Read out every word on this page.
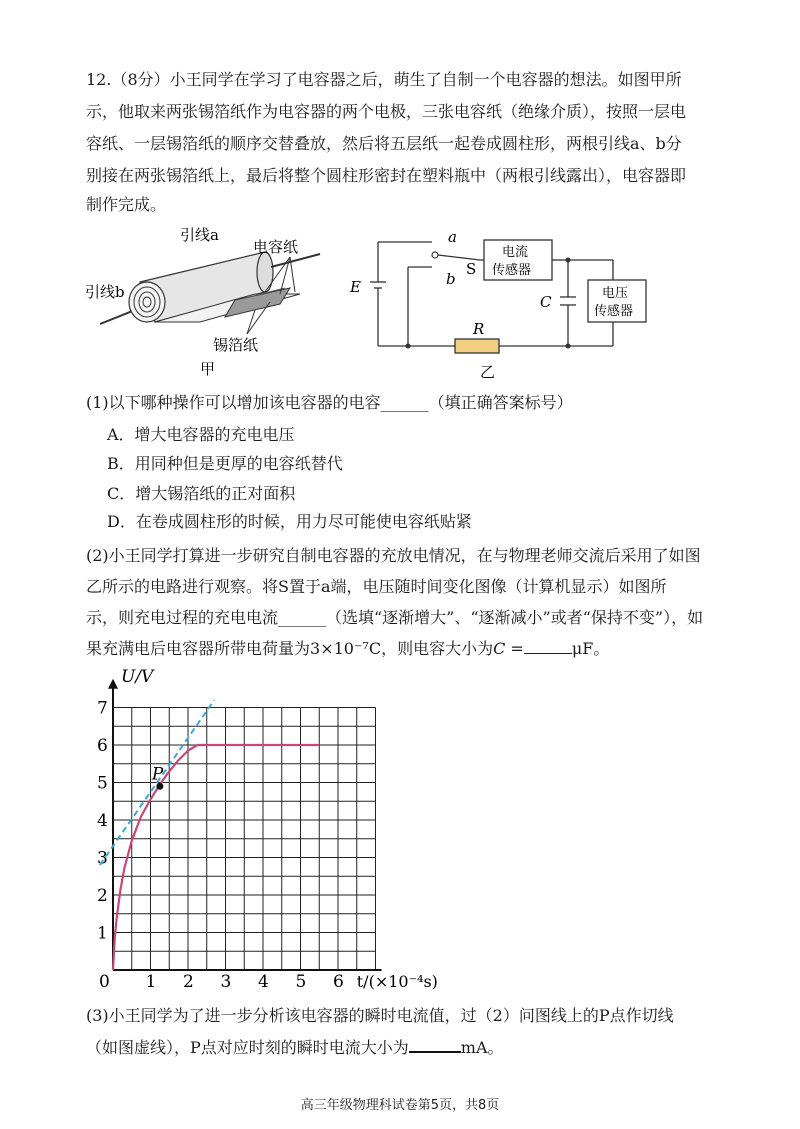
12.（8分）小王同学在学习了电容器之后，萌生了自制一个电容器的想法。如图甲所
示，他取来两张锡箔纸作为电容器的两个电极，三张电容纸（绝缘介质），按照一层电
容纸、一层锡箔纸的顺序交替叠放，然后将五层纸一起卷成圆柱形，两根引线a、b分
别接在两张锡箔纸上，最后将整个圆柱形密封在塑料瓶中（两根引线露出），电容器即
制作完成。
引线a
引线b
电容纸
锡箔纸
甲
a
b
S
E
C
R
电流
传感器
电压
传感器
乙
(1)以下哪种操作可以增加该电容器的电容______（填正确答案标号）
A．增大电容器的充电电压
B．用同种但是更厚的电容纸替代
C．增大锡箔纸的正对面积
D．在卷成圆柱形的时候，用力尽可能使电容纸贴紧
(2)小王同学打算进一步研究自制电容器的充放电情况，在与物理老师交流后采用了如图
乙所示的电路进行观察。将S置于a端，电压随时间变化图像（计算机显示）如图所
示，则充电过程的充电电流______（选填“逐渐增大”、“逐渐减小”或者“保持不变”），如
果充满电后电容器所带电荷量为3×10⁻⁷C，则电容大小为C =	μF。
1
2
3
4
5
6
7
0 1 2 3 4 5 6
U/V
t/(×10⁻⁴s)
P
(3)小王同学为了进一步分析该电容器的瞬时电流值，过（2）问图线上的P点作切线
（如图虚线），P点对应时刻的瞬时电流大小为	mA。
高三年级物理科试卷第5页，共8页
